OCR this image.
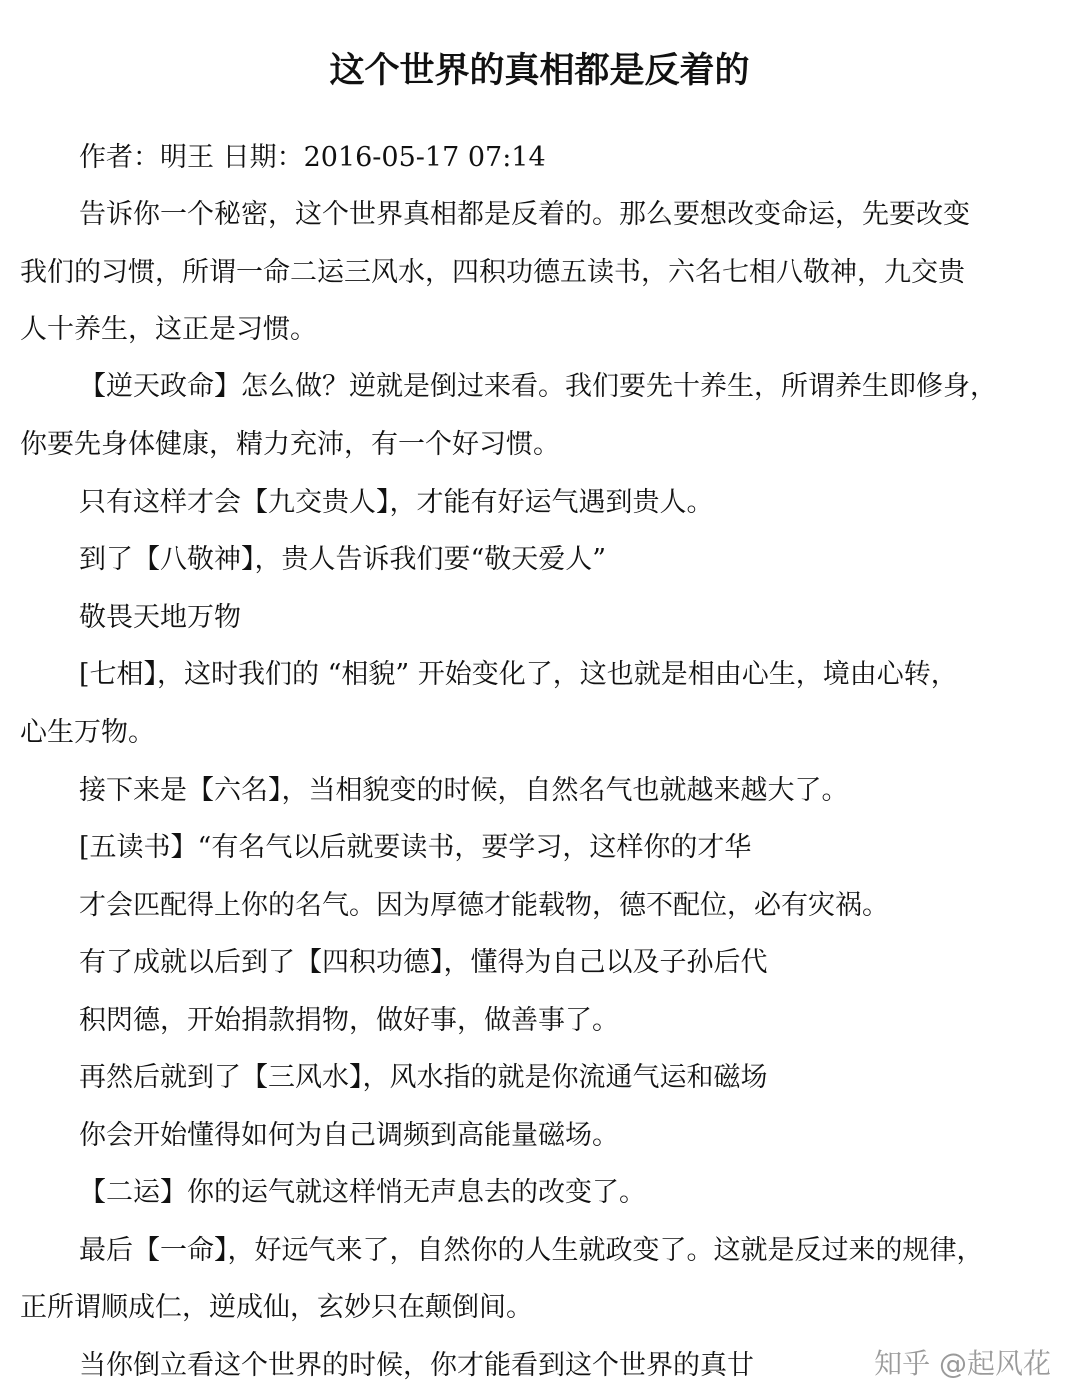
这个世界的真相都是反着的
作者：明王 日期：2016-05-17 07:14
告诉你一个秘密，这个世界真相都是反着的。那么要想改变命运，先要改变
我们的习惯，所谓一命二运三风水，四积功德五读书，六名七相八敬神，九交贵
人十养生，这正是习惯。
【逆天政命】怎么做？逆就是倒过来看。我们要先十养生，所谓养生即修身，
你要先身体健康，精力充沛，有一个好习惯。
只有这样才会【九交贵人】，才能有好运气遇到贵人。
到了【八敬神】，贵人告诉我们要“敬天爱人”
敬畏天地万物
[七相】，这时我们的 “相貌” 开始变化了，这也就是相由心生，境由心转，
心生万物。
接下来是【六名】，当相貌变的时候，自然名气也就越来越大了。
[五读书】“有名气以后就要读书，要学习，这样你的才华
才会匹配得上你的名气。因为厚德才能载物，德不配位，必有灾祸。
有了成就以后到了【四积功德】，懂得为自己以及子孙后代
积閃德，开始捐款捐物，做好事，做善事了。
再然后就到了【三风水】，风水指的就是你流通气运和磁场
你会开始懂得如何为自己调频到高能量磁场。
【二运】你的运气就这样悄无声息去的改变了。
最后【一命】，好远气来了，自然你的人生就政变了。这就是反过来的规律，
正所谓顺成仁，逆成仙，玄妙只在颠倒间。
当你倒立看这个世界的时候，你才能看到这个世界的真廿	知乎 @起风花
